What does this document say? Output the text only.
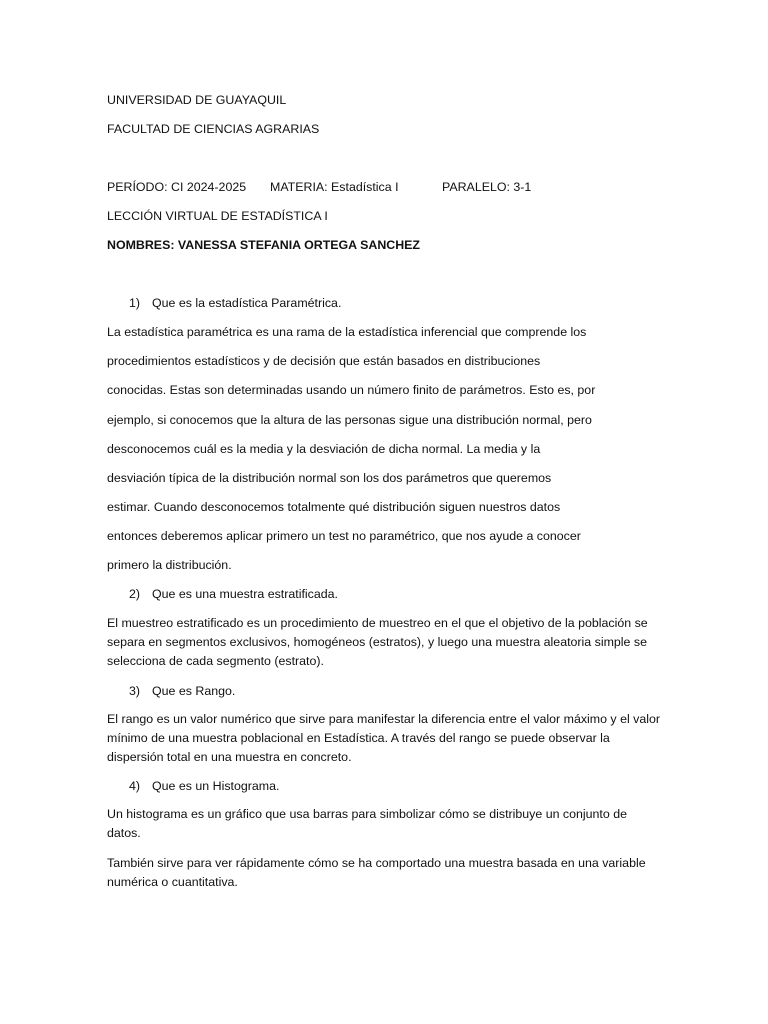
UNIVERSIDAD DE GUAYAQUIL
FACULTAD DE CIENCIAS AGRARIAS
PERÍODO: CI 2024-2025 MATERIA: Estadística I	PARALELO: 3-1
LECCIÓN VIRTUAL DE ESTADÍSTICA I
NOMBRES: VANESSA STEFANIA ORTEGA SANCHEZ
1) Que es la estadística Paramétrica.
La estadística paramétrica es una rama de la estadística inferencial que comprende los
procedimientos estadísticos y de decisión que están basados en distribuciones
conocidas. Estas son determinadas usando un número finito de parámetros. Esto es, por
ejemplo, si conocemos que la altura de las personas sigue una distribución normal, pero
desconocemos cuál es la media y la desviación de dicha normal. La media y la
desviación típica de la distribución normal son los dos parámetros que queremos
estimar. Cuando desconocemos totalmente qué distribución siguen nuestros datos
entonces deberemos aplicar primero un test no paramétrico, que nos ayude a conocer
primero la distribución.
2) Que es una muestra estratificada.
El muestreo estratificado es un procedimiento de muestreo en el que el objetivo de la población se separa en segmentos exclusivos, homogéneos (estratos), y luego una muestra aleatoria simple se selecciona de cada segmento (estrato).
3) Que es Rango.
El rango es un valor numérico que sirve para manifestar la diferencia entre el valor máximo y el valor mínimo de una muestra poblacional en Estadística. A través del rango se puede observar la dispersión total en una muestra en concreto.
4) Que es un Histograma.
Un histograma es un gráfico que usa barras para simbolizar cómo se distribuye un conjunto de datos.
También sirve para ver rápidamente cómo se ha comportado una muestra basada en una variable numérica o cuantitativa.
